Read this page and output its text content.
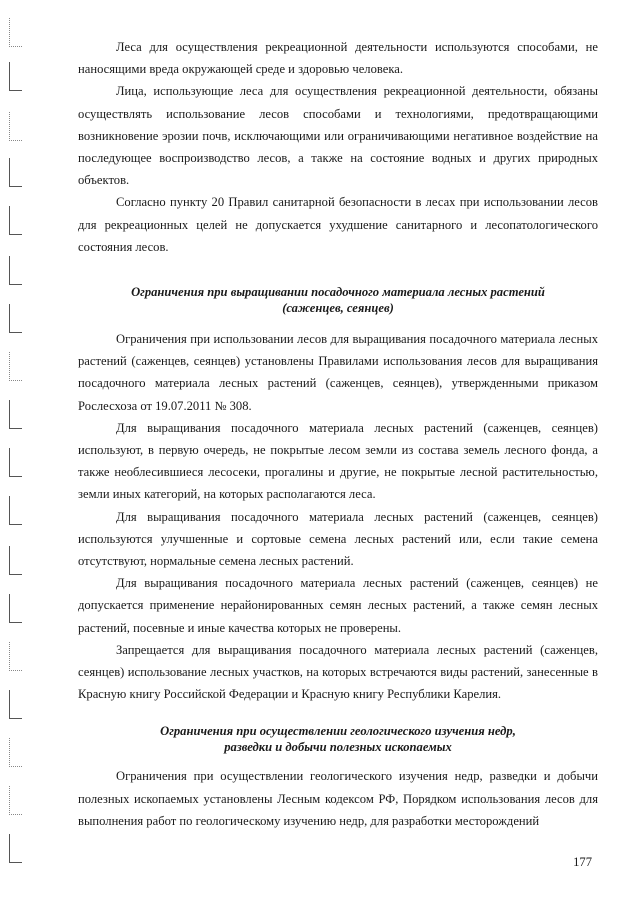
Леса для осуществления рекреационной деятельности используются способами, не наносящими вреда окружающей среде и здоровью человека.

Лица, использующие леса для осуществления рекреационной деятельности, обязаны осуществлять использование лесов способами и технологиями, предотвращающими возникновение эрозии почв, исключающими или ограничивающими негативное воздействие на последующее воспроизводство лесов, а также на состояние водных и других природных объектов.

Согласно пункту 20 Правил санитарной безопасности в лесах при использовании лесов для рекреационных целей не допускается ухудшение санитарного и лесопатологического состояния лесов.

Ограничения при выращивании посадочного материала лесных растений
(саженцев, сеянцев)

Ограничения при использовании лесов для выращивания посадочного материала лесных растений (саженцев, сеянцев) установлены Правилами использования лесов для выращивания посадочного материала лесных растений (саженцев, сеянцев), утвержденными приказом Рослесхоза от 19.07.2011 № 308.

Для выращивания посадочного материала лесных растений (саженцев, сеянцев) используют, в первую очередь, не покрытые лесом земли из состава земель лесного фонда, а также необлесившиеся лесосеки, прогалины и другие, не покрытые лесной растительностью, земли иных категорий, на которых располагаются леса.

Для выращивания посадочного материала лесных растений (саженцев, сеянцев) используются улучшенные и сортовые семена лесных растений или, если такие семена отсутствуют, нормальные семена лесных растений.

Для выращивания посадочного материала лесных растений (саженцев, сеянцев) не допускается применение нерайонированных семян лесных растений, а также семян лесных растений, посевные и иные качества которых не проверены.

Запрещается для выращивания посадочного материала лесных растений (саженцев, сеянцев) использование лесных участков, на которых встречаются виды растений, занесенные в Красную книгу Российской Федерации и Красную книгу Республики Карелия.

Ограничения при осуществлении геологического изучения недр,
разведки и добычи полезных ископаемых

Ограничения при осуществлении геологического изучения недр, разведки и добычи полезных ископаемых установлены Лесным кодексом РФ, Порядком использования лесов для выполнения работ по геологическому изучению недр, для разработки месторождений

177
